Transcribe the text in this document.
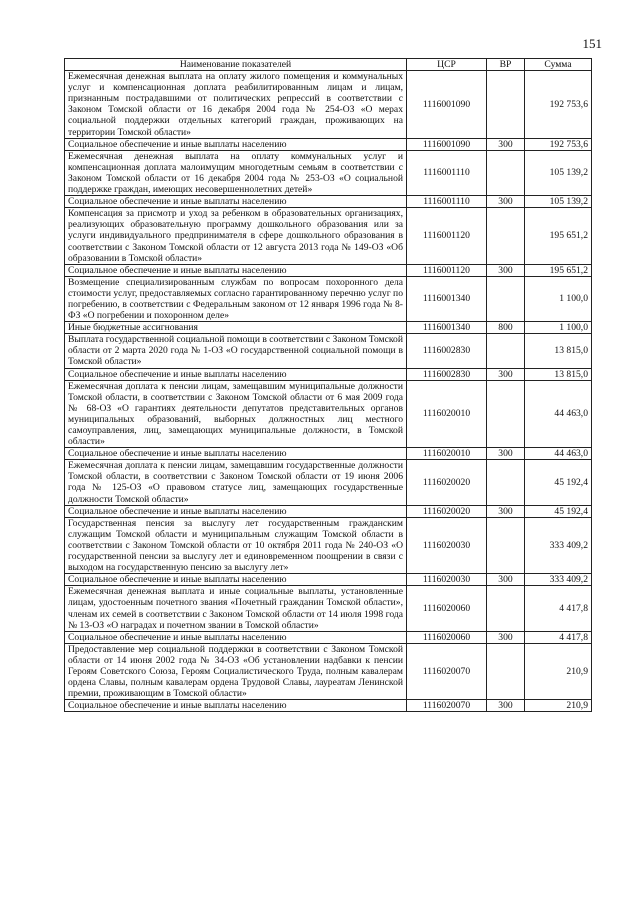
151
Наименование показателей	ЦСР	ВР	Сумма
Ежемесячная денежная выплата на оплату жилого помещения и коммунальных услуг и компенсационная доплата реабилитированным лицам и лицам, признанным пострадавшими от политических репрессий в соответствии с Законом Томской области от 16 декабря 2004 года № 254-ОЗ «О мерах социальной поддержки отдельных категорий граждан, проживающих на территории Томской области»	1116001090		192 753,6
Социальное обеспечение и иные выплаты населению	1116001090	300	192 753,6
Ежемесячная денежная выплата на оплату коммунальных услуг и компенсационная доплата малоимущим многодетным семьям в соответствии с Законом Томской области от 16 декабря 2004 года № 253-ОЗ «О социальной поддержке граждан, имеющих несовершеннолетних детей»	1116001110		105 139,2
Социальное обеспечение и иные выплаты населению	1116001110	300	105 139,2
Компенсация за присмотр и уход за ребенком в образовательных организациях, реализующих образовательную программу дошкольного образования или за услуги индивидуального предпринимателя в сфере дошкольного образования в соответствии с Законом Томской области от 12 августа 2013 года № 149-ОЗ «Об образовании в Томской области»	1116001120		195 651,2
Социальное обеспечение и иные выплаты населению	1116001120	300	195 651,2
Возмещение специализированным службам по вопросам похоронного дела стоимости услуг, предоставляемых согласно гарантированному перечню услуг по погребению, в соответствии с Федеральным законом от 12 января 1996 года № 8-ФЗ «О погребении и похоронном деле»	1116001340		1 100,0
Иные бюджетные ассигнования	1116001340	800	1 100,0
Выплата государственной социальной помощи в соответствии с Законом Томской области от 2 марта 2020 года № 1-ОЗ «О государственной социальной помощи в Томской области»	1116002830		13 815,0
Социальное обеспечение и иные выплаты населению	1116002830	300	13 815,0
Ежемесячная доплата к пенсии лицам, замещавшим муниципальные должности Томской области, в соответствии с Законом Томской области от 6 мая 2009 года № 68-ОЗ «О гарантиях деятельности депутатов представительных органов муниципальных образований, выборных должностных лиц местного самоуправления, лиц, замещающих муниципальные должности, в Томской области»	1116020010		44 463,0
Социальное обеспечение и иные выплаты населению	1116020010	300	44 463,0
Ежемесячная доплата к пенсии лицам, замещавшим государственные должности Томской области, в соответствии с Законом Томской области от 19 июня 2006 года № 125-ОЗ «О правовом статусе лиц, замещающих государственные должности Томской области»	1116020020		45 192,4
Социальное обеспечение и иные выплаты населению	1116020020	300	45 192,4
Государственная пенсия за выслугу лет государственным гражданским служащим Томской области и муниципальным служащим Томской области в соответствии с Законом Томской области от 10 октября 2011 года № 240-ОЗ «О государственной пенсии за выслугу лет и единовременном поощрении в связи с выходом на государственную пенсию за выслугу лет»	1116020030		333 409,2
Социальное обеспечение и иные выплаты населению	1116020030	300	333 409,2
Ежемесячная денежная выплата и иные социальные выплаты, установленные лицам, удостоенным почетного звания «Почетный гражданин Томской области», членам их семей в соответствии с Законом Томской области от 14 июля 1998 года № 13-ОЗ «О наградах и почетном звании в Томской области»	1116020060		4 417,8
Социальное обеспечение и иные выплаты населению	1116020060	300	4 417,8
Предоставление мер социальной поддержки в соответствии с Законом Томской области от 14 июня 2002 года № 34-ОЗ «Об установлении надбавки к пенсии Героям Советского Союза, Героям Социалистического Труда, полным кавалерам ордена Славы, полным кавалерам ордена Трудовой Славы, лауреатам Ленинской премии, проживающим в Томской области»	1116020070		210,9
Социальное обеспечение и иные выплаты населению	1116020070	300	210,9
